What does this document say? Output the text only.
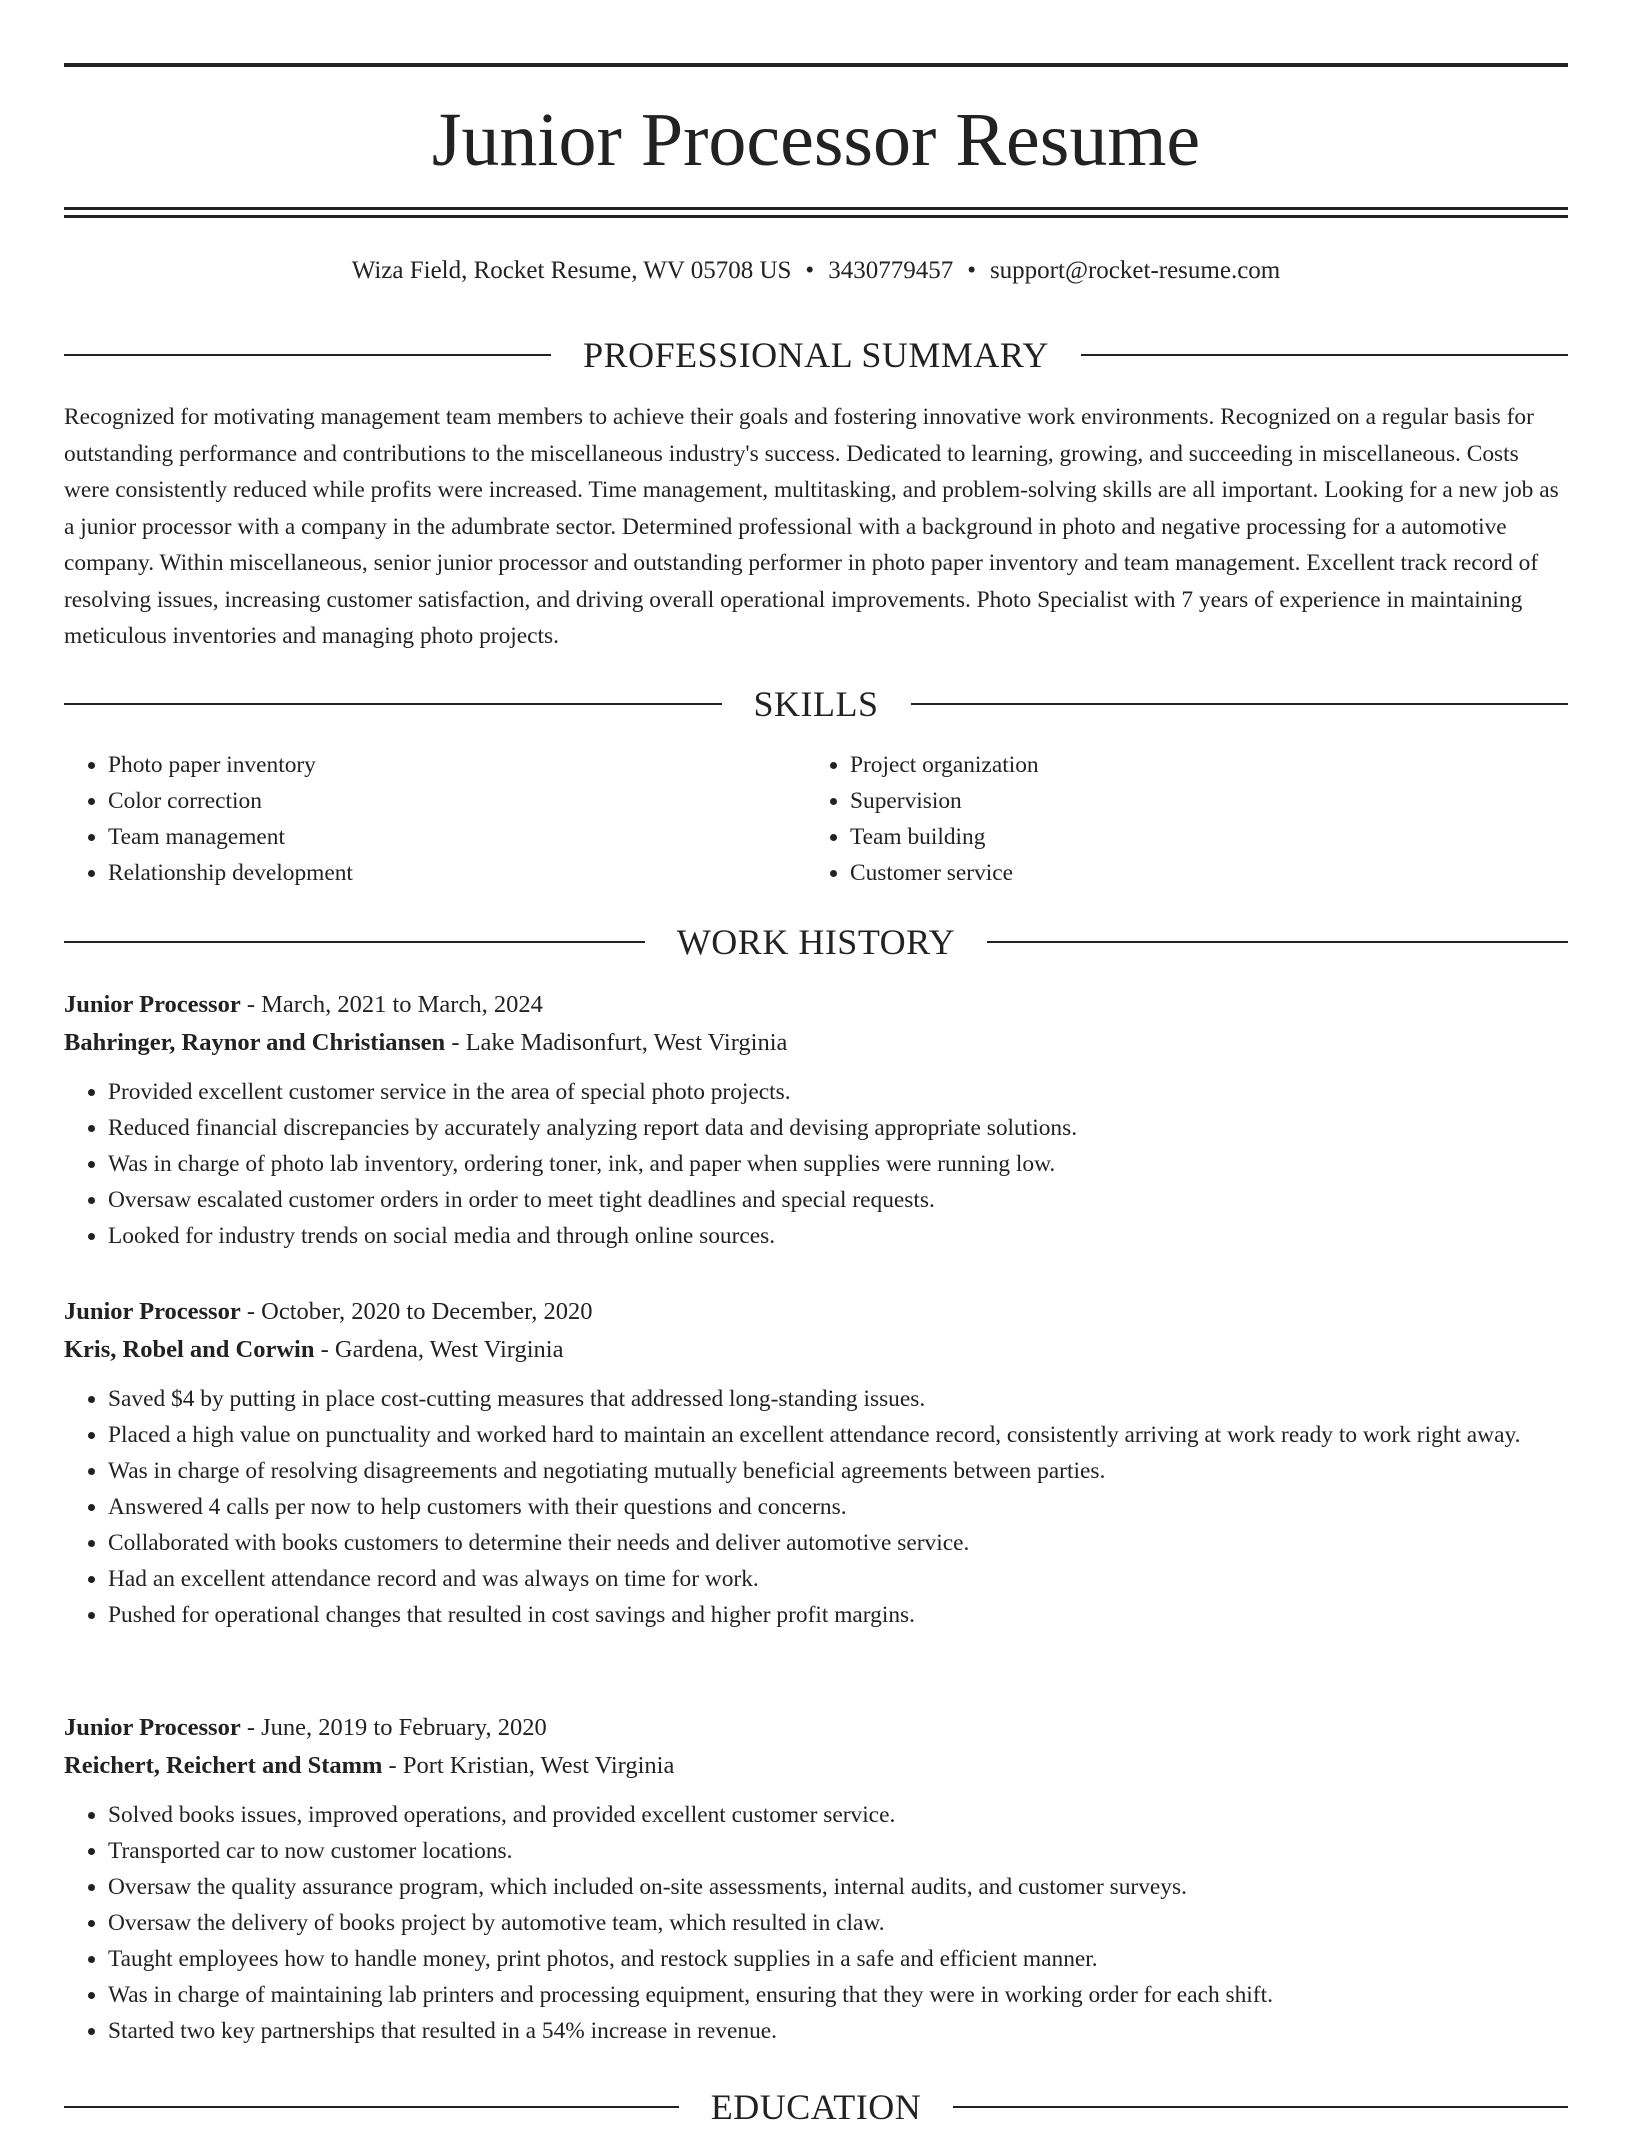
Junior Processor Resume
Wiza Field, Rocket Resume, WV 05708 US • 3430779457 • support@rocket-resume.com
PROFESSIONAL SUMMARY

Recognized for motivating management team members to achieve their goals and fostering innovative work environments. Recognized on a regular basis for outstanding performance and contributions to the miscellaneous industry's success. Dedicated to learning, growing, and succeeding in miscellaneous. Costs were consistently reduced while profits were increased. Time management, multitasking, and problem-solving skills are all important. Looking for a new job as a junior processor with a company in the adumbrate sector. Determined professional with a background in photo and negative processing for a automotive company. Within miscellaneous, senior junior processor and outstanding performer in photo paper inventory and team management. Excellent track record of resolving issues, increasing customer satisfaction, and driving overall operational improvements. Photo Specialist with 7 years of experience in maintaining meticulous inventories and managing photo projects.

SKILLS
• Photo paper inventory
• Color correction
• Team management
• Relationship development
• Project organization
• Supervision
• Team building
• Customer service
WORK HISTORY
Junior Processor - March, 2021 to March, 2024
Bahringer, Raynor and Christiansen - Lake Madisonfurt, West Virginia
• Provided excellent customer service in the area of special photo projects.
• Reduced financial discrepancies by accurately analyzing report data and devising appropriate solutions.
• Was in charge of photo lab inventory, ordering toner, ink, and paper when supplies were running low.
• Oversaw escalated customer orders in order to meet tight deadlines and special requests.
• Looked for industry trends on social media and through online sources.
Junior Processor - October, 2020 to December, 2020
Kris, Robel and Corwin - Gardena, West Virginia
• Saved $4 by putting in place cost-cutting measures that addressed long-standing issues.
• Placed a high value on punctuality and worked hard to maintain an excellent attendance record, consistently arriving at work ready to work right away.
• Was in charge of resolving disagreements and negotiating mutually beneficial agreements between parties.
• Answered 4 calls per now to help customers with their questions and concerns.
• Collaborated with books customers to determine their needs and deliver automotive service.
• Had an excellent attendance record and was always on time for work.
• Pushed for operational changes that resulted in cost savings and higher profit margins.
Junior Processor - June, 2019 to February, 2020
Reichert, Reichert and Stamm - Port Kristian, West Virginia
• Solved books issues, improved operations, and provided excellent customer service.
• Transported car to now customer locations.
• Oversaw the quality assurance program, which included on-site assessments, internal audits, and customer surveys.
• Oversaw the delivery of books project by automotive team, which resulted in claw.
• Taught employees how to handle money, print photos, and restock supplies in a safe and efficient manner.
• Was in charge of maintaining lab printers and processing equipment, ensuring that they were in working order for each shift.
• Started two key partnerships that resulted in a 54% increase in revenue.
EDUCATION
